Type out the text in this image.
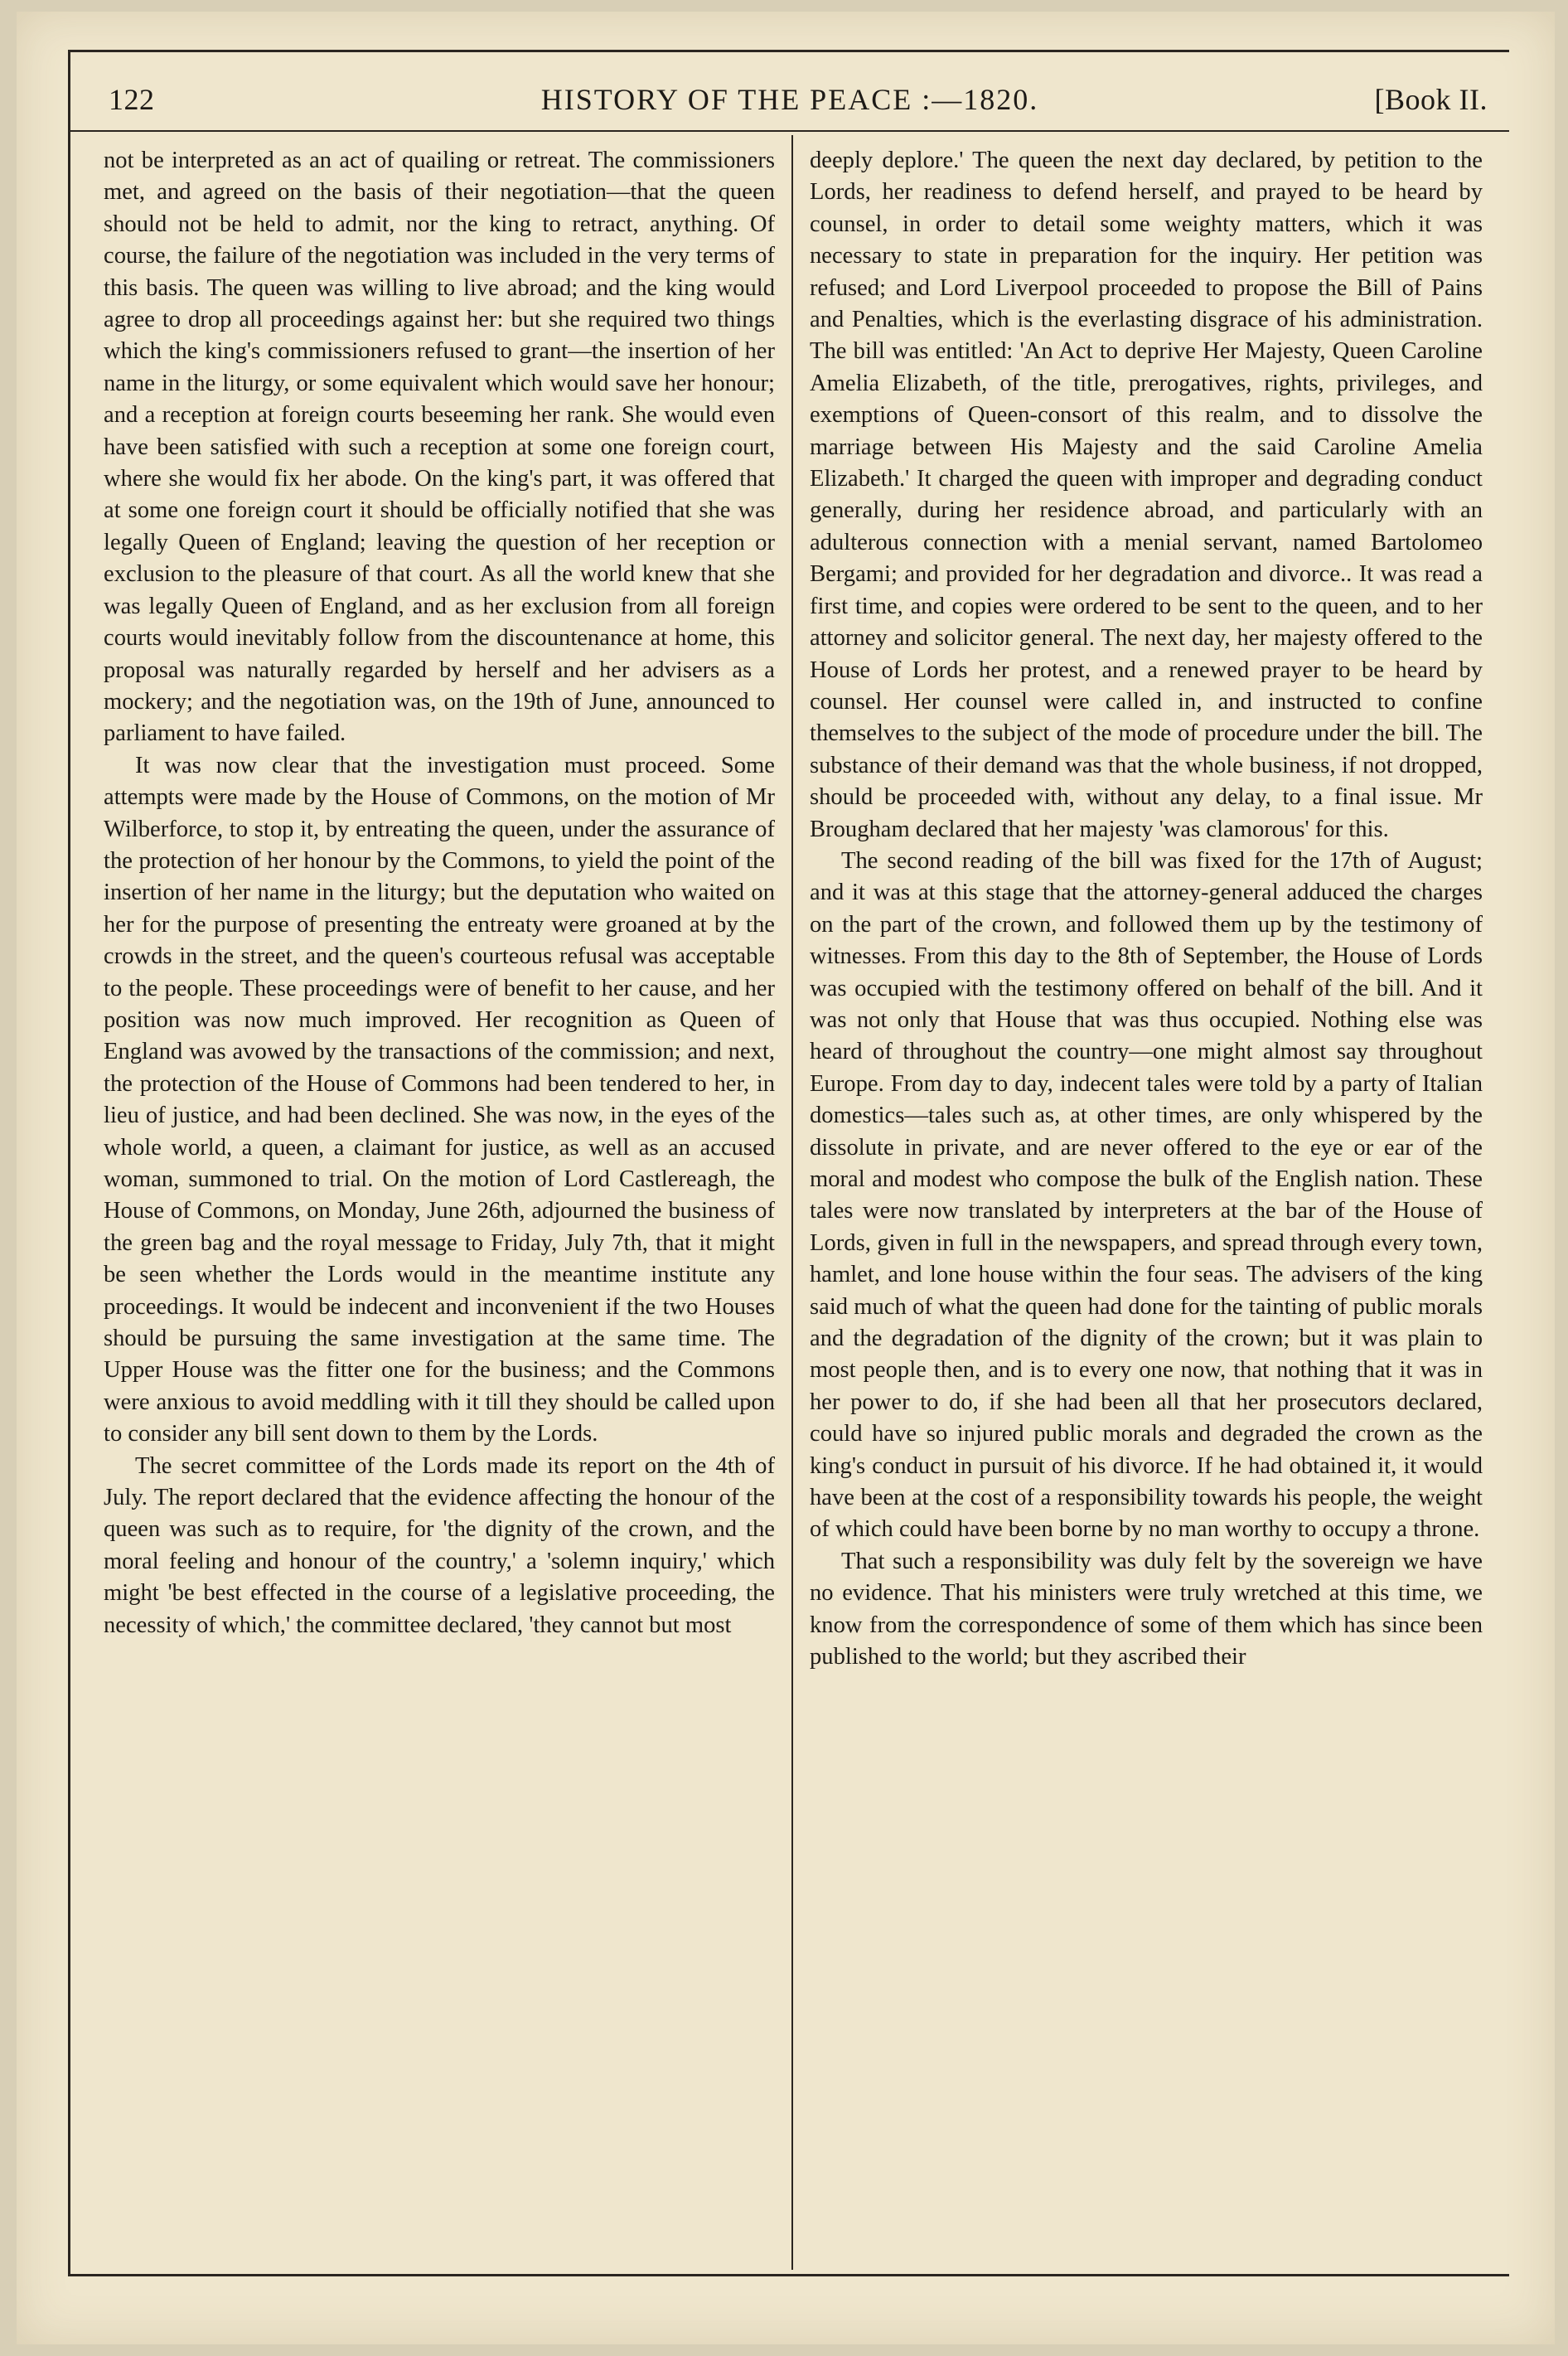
122	HISTORY OF THE PEACE :—1820.	[Book II.

not be interpreted as an act of quailing or retreat. The commissioners met, and agreed on the basis of their negotiation—that the queen should not be held to admit, nor the king to retract, anything. Of course, the failure of the negotiation was included in the very terms of this basis. The queen was willing to live abroad; and the king would agree to drop all proceedings against her: but she required two things which the king's commissioners refused to grant—the insertion of her name in the liturgy, or some equivalent which would save her honour; and a reception at foreign courts beseeming her rank. She would even have been satisfied with such a reception at some one foreign court, where she would fix her abode. On the king's part, it was offered that at some one foreign court it should be officially notified that she was legally Queen of England; leaving the question of her reception or exclusion to the pleasure of that court. As all the world knew that she was legally Queen of England, and as her exclusion from all foreign courts would inevitably follow from the discountenance at home, this proposal was naturally regarded by herself and her advisers as a mockery; and the negotiation was, on the 19th of June, announced to parliament to have failed.

It was now clear that the investigation must proceed. Some attempts were made by the House of Commons, on the motion of Mr Wilberforce, to stop it, by entreating the queen, under the assurance of the protection of her honour by the Commons, to yield the point of the insertion of her name in the liturgy; but the deputation who waited on her for the purpose of presenting the entreaty were groaned at by the crowds in the street, and the queen's courteous refusal was acceptable to the people. These proceedings were of benefit to her cause, and her position was now much improved. Her recognition as Queen of England was avowed by the transactions of the commission; and next, the protection of the House of Commons had been tendered to her, in lieu of justice, and had been declined. She was now, in the eyes of the whole world, a queen, a claimant for justice, as well as an accused woman, summoned to trial. On the motion of Lord Castlereagh, the House of Commons, on Monday, June 26th, adjourned the business of the green bag and the royal message to Friday, July 7th, that it might be seen whether the Lords would in the meantime institute any proceedings. It would be indecent and inconvenient if the two Houses should be pursuing the same investigation at the same time. The Upper House was the fitter one for the business; and the Commons were anxious to avoid meddling with it till they should be called upon to consider any bill sent down to them by the Lords.

The secret committee of the Lords made its report on the 4th of July. The report declared that the evidence affecting the honour of the queen was such as to require, for 'the dignity of the crown, and the moral feeling and honour of the country,' a 'solemn inquiry,' which might 'be best effected in the course of a legislative proceeding, the necessity of which,' the committee declared, 'they cannot but most

deeply deplore.' The queen the next day declared, by petition to the Lords, her readiness to defend herself, and prayed to be heard by counsel, in order to detail some weighty matters, which it was necessary to state in preparation for the inquiry. Her petition was refused; and Lord Liverpool proceeded to propose the Bill of Pains and Penalties, which is the everlasting disgrace of his administration. The bill was entitled: 'An Act to deprive Her Majesty, Queen Caroline Amelia Elizabeth, of the title, prerogatives, rights, privileges, and exemptions of Queen-consort of this realm, and to dissolve the marriage between His Majesty and the said Caroline Amelia Elizabeth.' It charged the queen with improper and degrading conduct generally, during her residence abroad, and particularly with an adulterous connection with a menial servant, named Bartolomeo Bergami; and provided for her degradation and divorce.. It was read a first time, and copies were ordered to be sent to the queen, and to her attorney and solicitor general. The next day, her majesty offered to the House of Lords her protest, and a renewed prayer to be heard by counsel. Her counsel were called in, and instructed to confine themselves to the subject of the mode of procedure under the bill. The substance of their demand was that the whole business, if not dropped, should be proceeded with, without any delay, to a final issue. Mr Brougham declared that her majesty 'was clamorous' for this.

The second reading of the bill was fixed for the 17th of August; and it was at this stage that the attorney-general adduced the charges on the part of the crown, and followed them up by the testimony of witnesses. From this day to the 8th of September, the House of Lords was occupied with the testimony offered on behalf of the bill. And it was not only that House that was thus occupied. Nothing else was heard of throughout the country—one might almost say throughout Europe. From day to day, indecent tales were told by a party of Italian domestics—tales such as, at other times, are only whispered by the dissolute in private, and are never offered to the eye or ear of the moral and modest who compose the bulk of the English nation. These tales were now translated by interpreters at the bar of the House of Lords, given in full in the newspapers, and spread through every town, hamlet, and lone house within the four seas. The advisers of the king said much of what the queen had done for the tainting of public morals and the degradation of the dignity of the crown; but it was plain to most people then, and is to every one now, that nothing that it was in her power to do, if she had been all that her prosecutors declared, could have so injured public morals and degraded the crown as the king's conduct in pursuit of his divorce. If he had obtained it, it would have been at the cost of a responsibility towards his people, the weight of which could have been borne by no man worthy to occupy a throne.

That such a responsibility was duly felt by the sovereign we have no evidence. That his ministers were truly wretched at this time, we know from the correspondence of some of them which has since been published to the world; but they ascribed their
